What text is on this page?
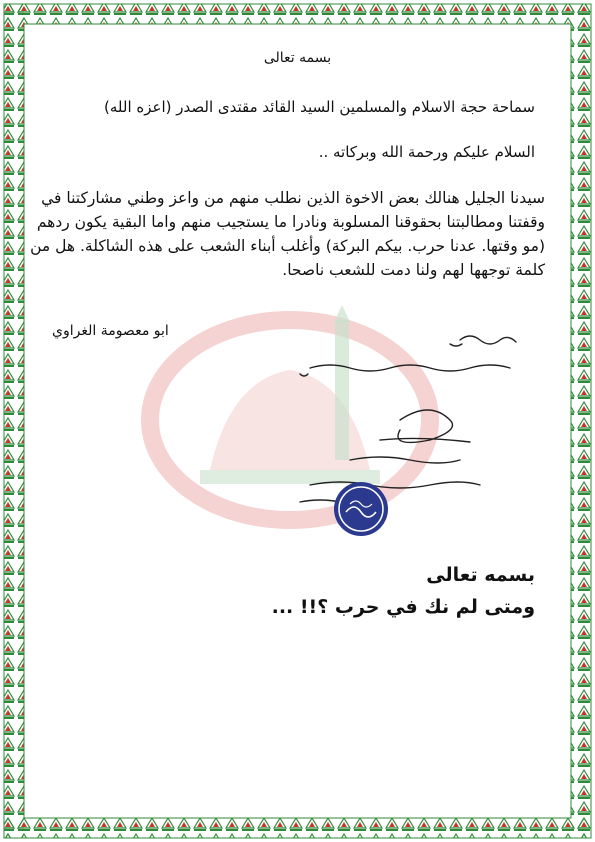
بسمه تعالى
سماحة حجة الاسلام والمسلمين السيد القائد مقتدى الصدر (اعزه الله)
السلام عليكم ورحمة الله وبركاته ..
سيدنا الجليل هنالك بعض الاخوة الذين نطلب منهم من واعز وطني مشاركتنا في
وقفتنا ومطالبتنا بحقوقنا المسلوبة ونادرا ما يستجيب منهم واما البقية يكون ردهم
(مو وقتها. عدنا حرب. بيكم البركة) وأغلب أبناء الشعب على هذه الشاكلة. هل من
كلمة توجهها لهم ولنا دمت للشعب ناصحا.
ابو معصومة الغراوي
بسمه تعالى
ومتى لم نك في حرب ؟!! ...
